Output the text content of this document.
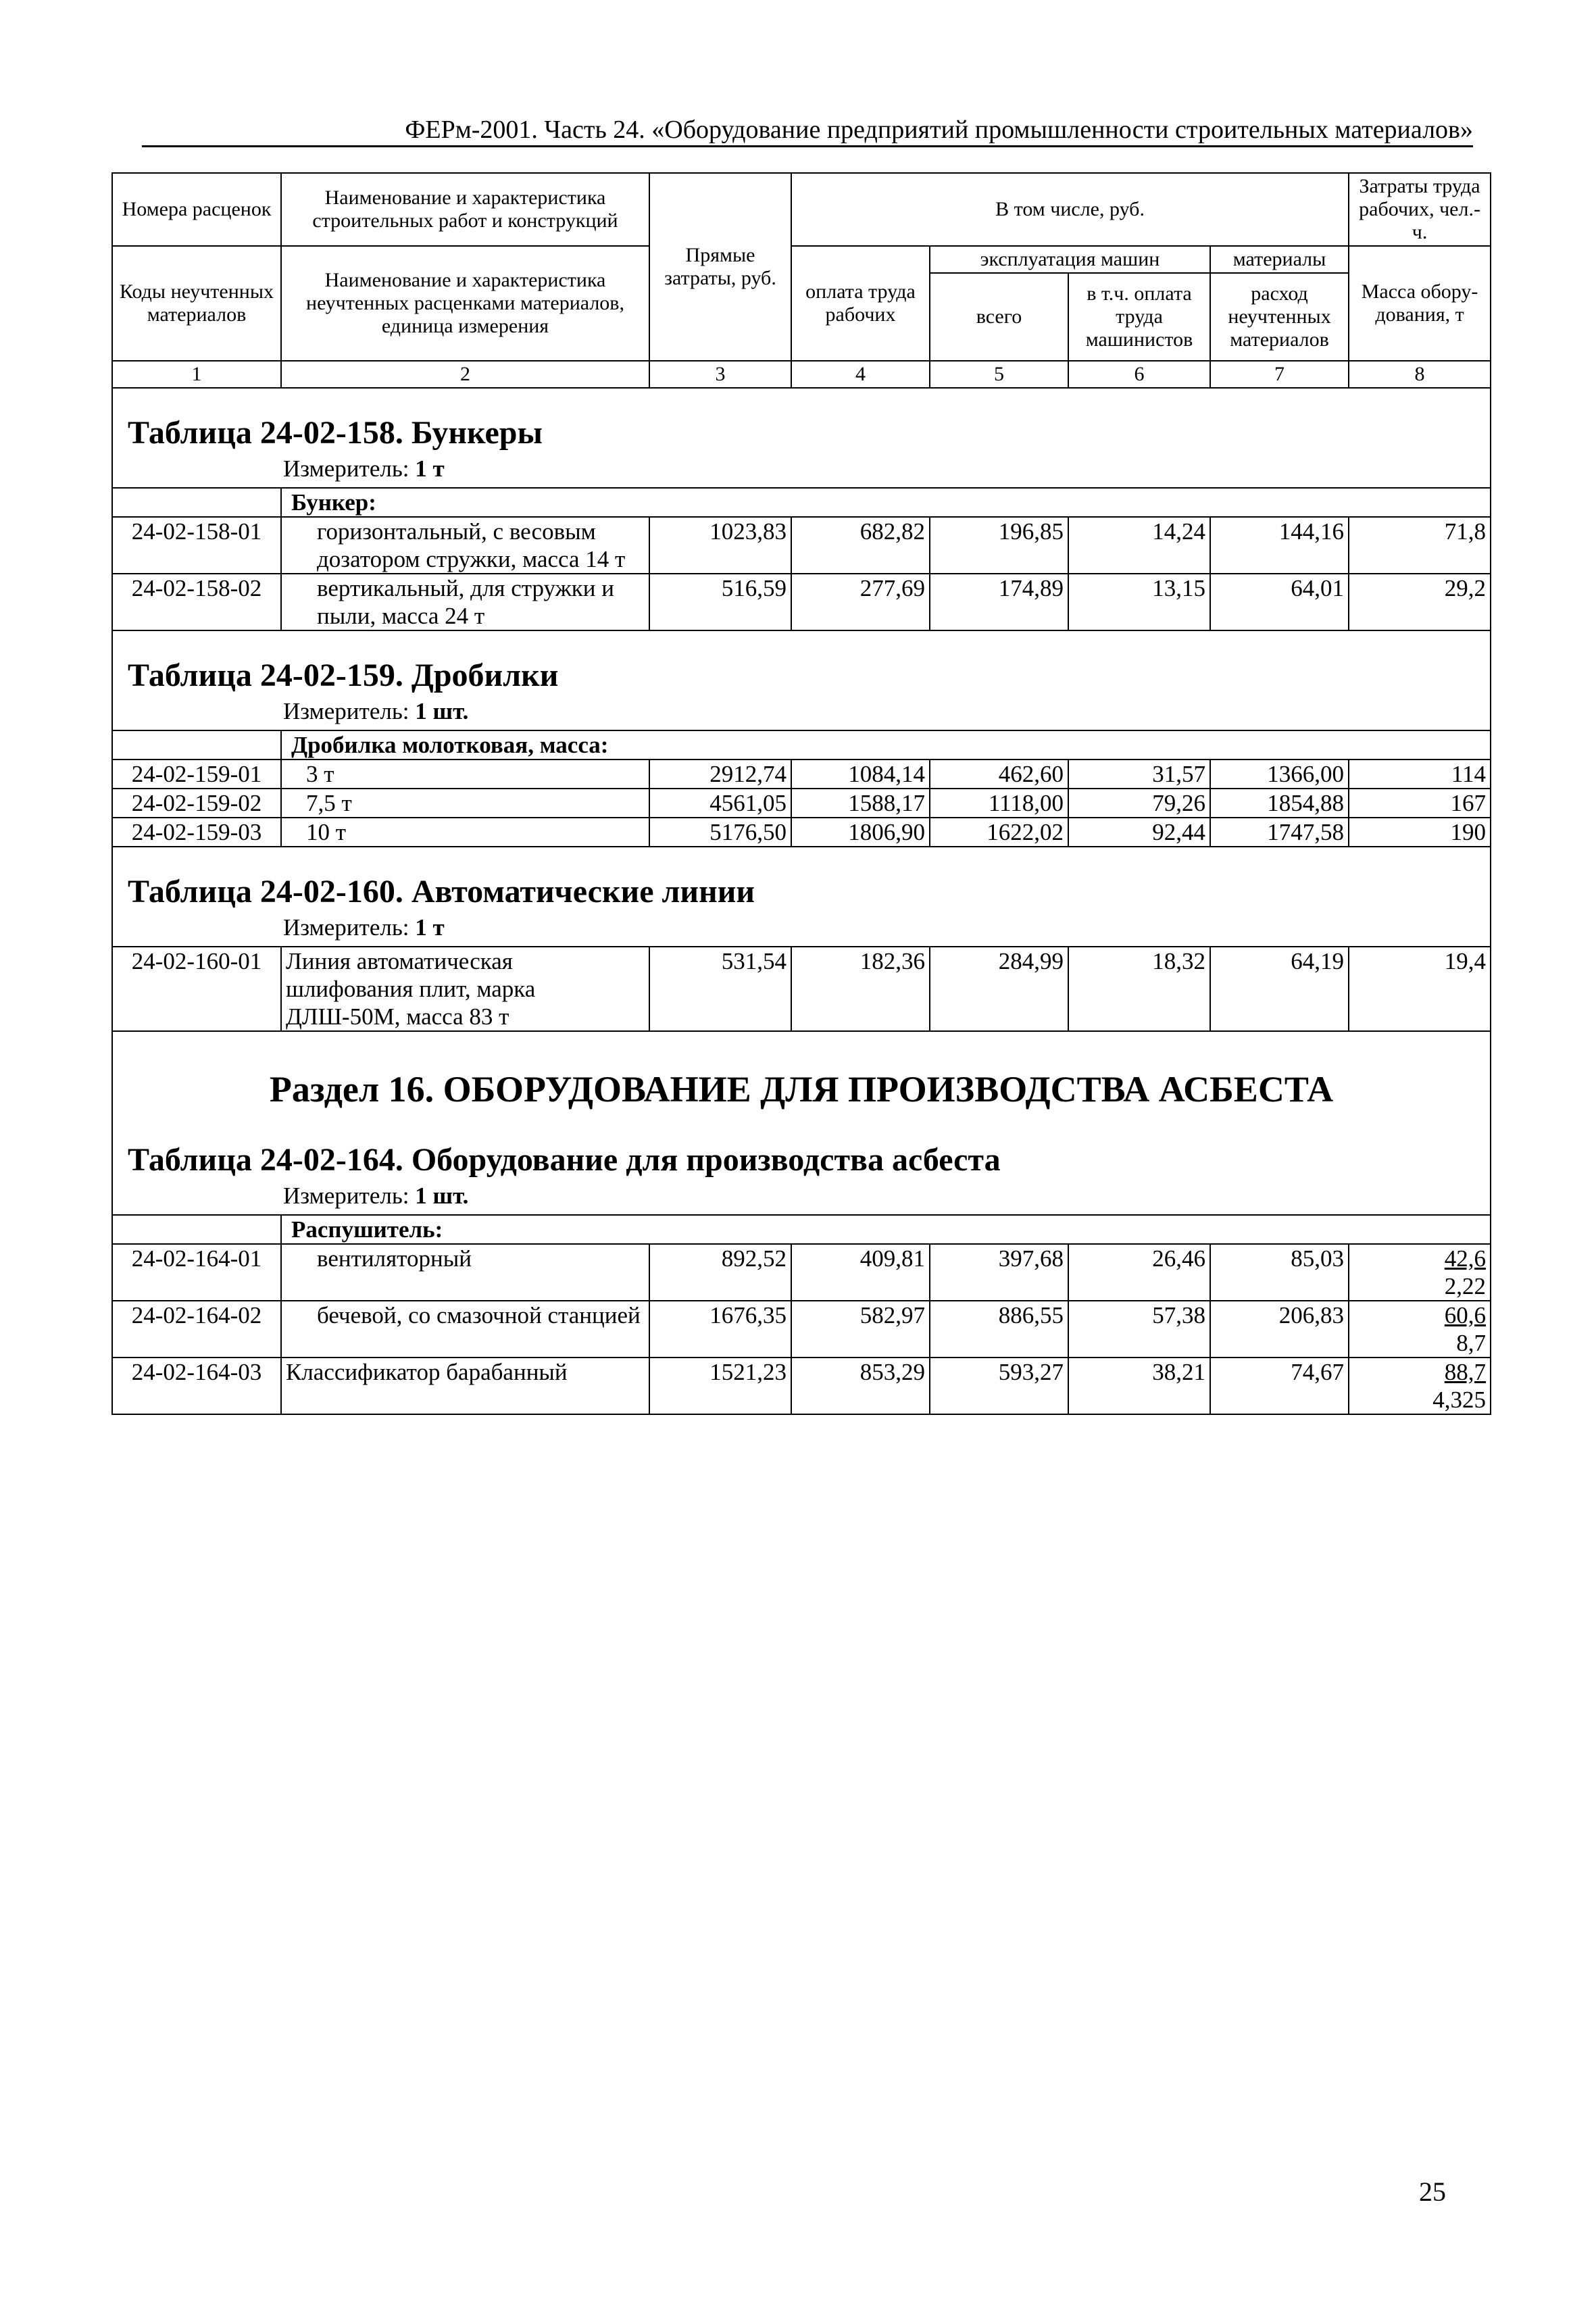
ФЕРм-2001. Часть 24. «Оборудование предприятий промышленности строительных материалов»
Номера расценок	Наименование и характеристика строительных работ и конструкций	Прямые затраты, руб.	В том числе, руб.				Затраты труда рабочих, чел.-ч.
Коды неучтенных материалов	Наименование и характеристика неучтенных расценками материалов, единица измерения		оплата труда рабочих	эксплуатация машин		материалы	Масса обору-дования, т
				всего	в т.ч. оплата труда машинистов	расход неучтенных материалов	
1	2	3	4	5	6	7	8

Таблица 24-02-158. Бункеры
Измеритель: 1 т							

	Бункер:						
24-02-158-01	горизонтальный, с весовым дозатором стружки, масса 14 т	1023,83	682,82	196,85	14,24	144,16	71,8
24-02-158-02	вертикальный, для стружки и пыли, масса 24 т	516,59	277,69	174,89	13,15	64,01	29,2

Таблица 24-02-159. Дробилки
Измеритель: 1 шт.							

	Дробилка молотковая, масса:						
24-02-159-01	3 т	2912,74	1084,14	462,60	31,57	1366,00	114
24-02-159-02	7,5 т	4561,05	1588,17	1118,00	79,26	1854,88	167
24-02-159-03	10 т	5176,50	1806,90	1622,02	92,44	1747,58	190

Таблица 24-02-160. Автоматические линии
Измеритель: 1 т							

24-02-160-01	Линия автоматическая шлифования плит, марка ДЛШ-50М, масса 83 т	531,54	182,36	284,99	18,32	64,19	19,4

Раздел 16. ОБОРУДОВАНИЕ ДЛЯ ПРОИЗВОДСТВА АСБЕСТА
Таблица 24-02-164. Оборудование для производства асбеста
Измеритель: 1 шт.							

	Распушитель:						
24-02-164-01	вентиляторный	892,52	409,81	397,68	26,46	85,03	$\frac{42,6}{2,22}$

24-02-164-02	бечевой, со смазочной станцией	1676,35	582,97	886,55	57,38	206,83	$\frac{60,6}{8,7}$

24-02-164-03	Классификатор барабанный	1521,23	853,29	593,27	38,21	74,67	$\frac{88,7}{4,325}$
25
